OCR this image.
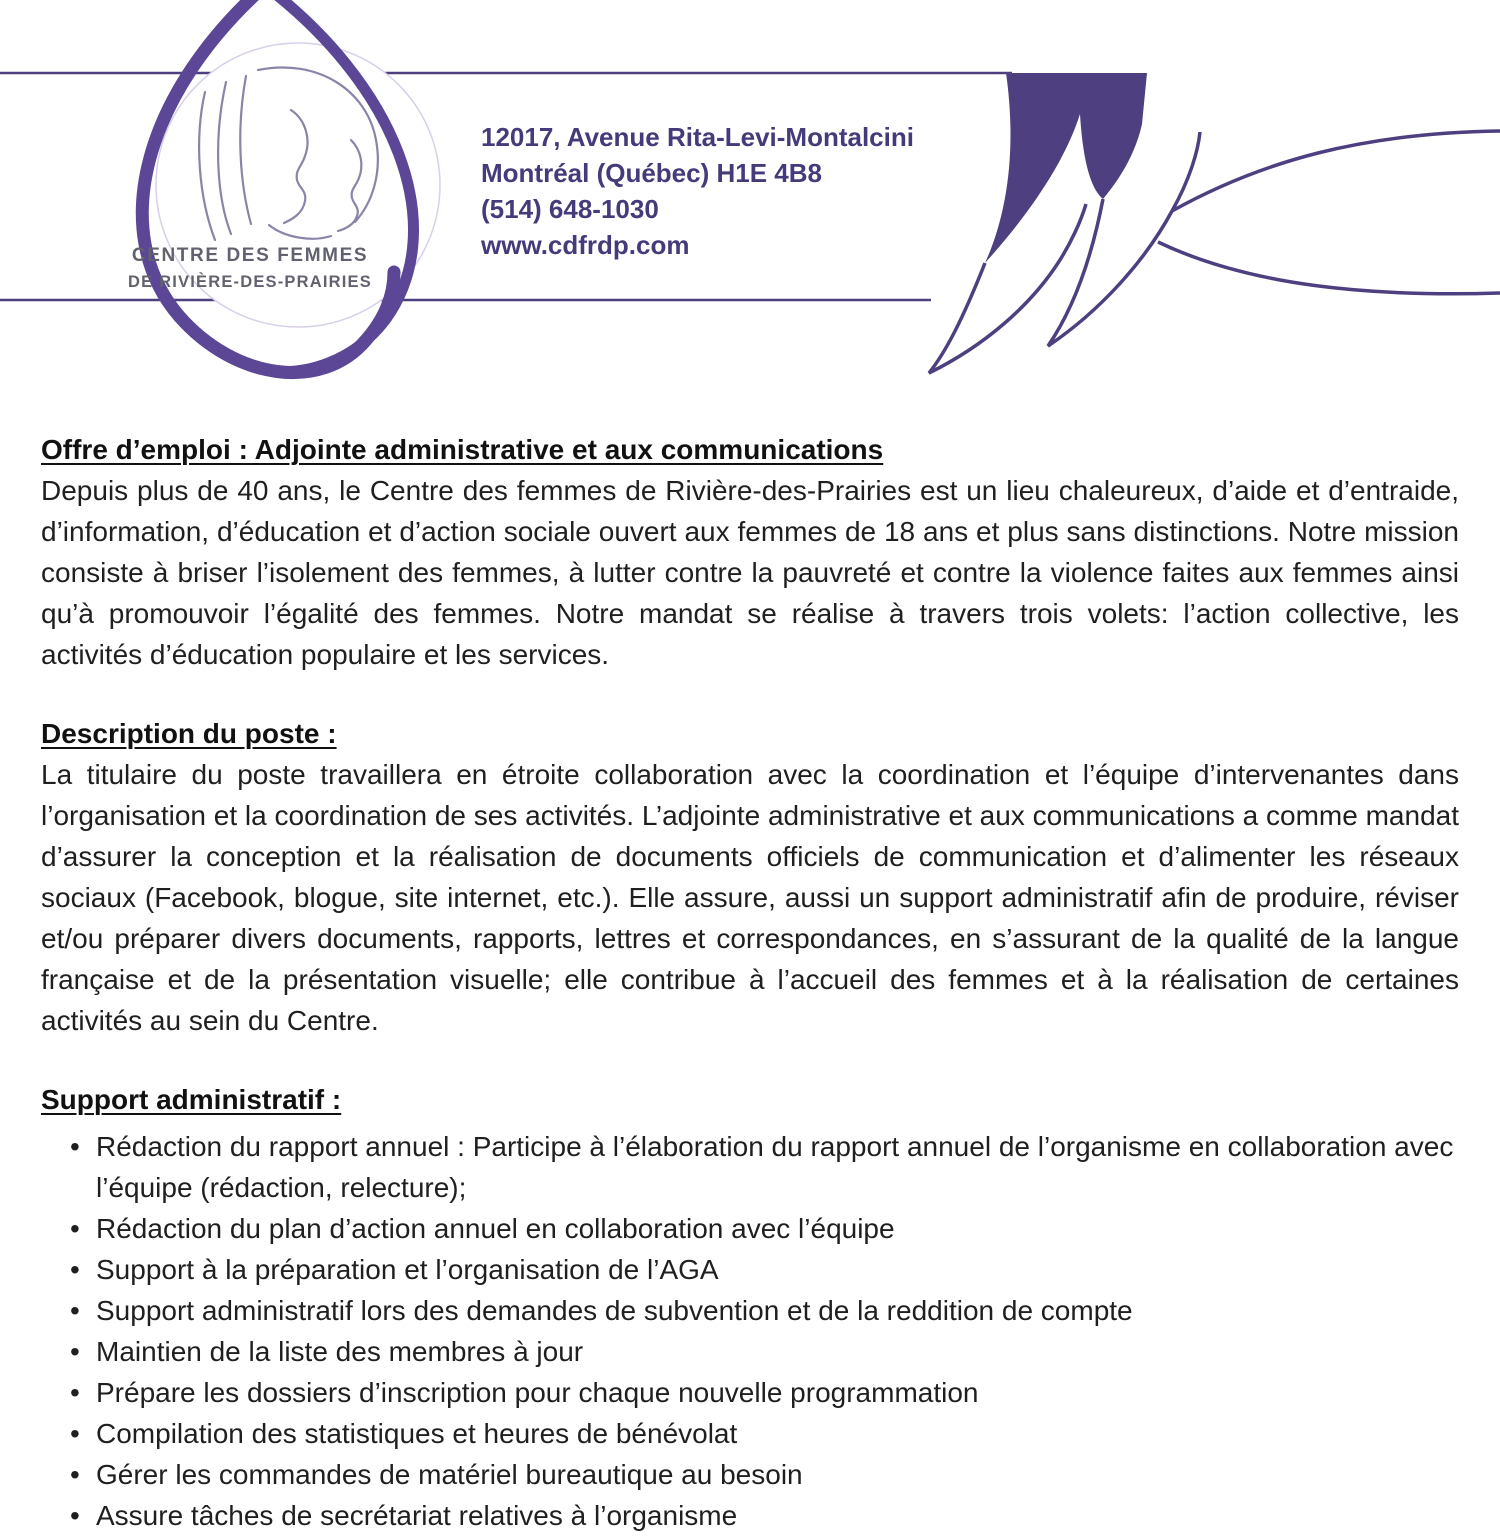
CENTRE DES FEMMES
DE RIVIÈRE-DES-PRAIRIES
12017, Avenue Rita-Levi-Montalcini
Montréal (Québec) H1E 4B8
(514) 648-1030
www.cdfrdp.com
Offre d’emploi : Adjointe administrative et aux communications

Depuis plus de 40 ans, le Centre des femmes de Rivière-des-Prairies est un lieu chaleureux, d’aide et d’entraide, d’information, d’éducation et d’action sociale ouvert aux femmes de 18 ans et plus sans distinctions. Notre mission consiste à briser l’isolement des femmes, à lutter contre la pauvreté et contre la violence faites aux femmes ainsi qu’à promouvoir l’égalité des femmes. Notre mandat se réalise à travers trois volets: l’action collective, les activités d’éducation populaire et les services.

Description du poste :

La titulaire du poste travaillera en étroite collaboration avec la coordination et l’équipe d’intervenantes dans l’organisation et la coordination de ses activités. L’adjointe administrative et aux communications a comme mandat d’assurer la conception et la réalisation de documents officiels de communication et d’alimenter les réseaux sociaux (Facebook, blogue, site internet, etc.). Elle assure, aussi un support administratif afin de produire, réviser et/ou préparer divers documents, rapports, lettres et correspondances, en s’assurant de la qualité de la langue française et de la présentation visuelle; elle contribue à l’accueil des femmes et à la réalisation de certaines activités au sein du Centre.

Support administratif :
• Rédaction du rapport annuel : Participe à l’élaboration du rapport annuel de l’organisme en collaboration avec l’équipe (rédaction, relecture);
• Rédaction du plan d’action annuel en collaboration avec l’équipe
• Support à la préparation et l’organisation de l’AGA
• Support administratif lors des demandes de subvention et de la reddition de compte
• Maintien de la liste des membres à jour
• Prépare les dossiers d’inscription pour chaque nouvelle programmation
• Compilation des statistiques et heures de bénévolat
• Gérer les commandes de matériel bureautique au besoin
• Assure tâches de secrétariat relatives à l’organisme
